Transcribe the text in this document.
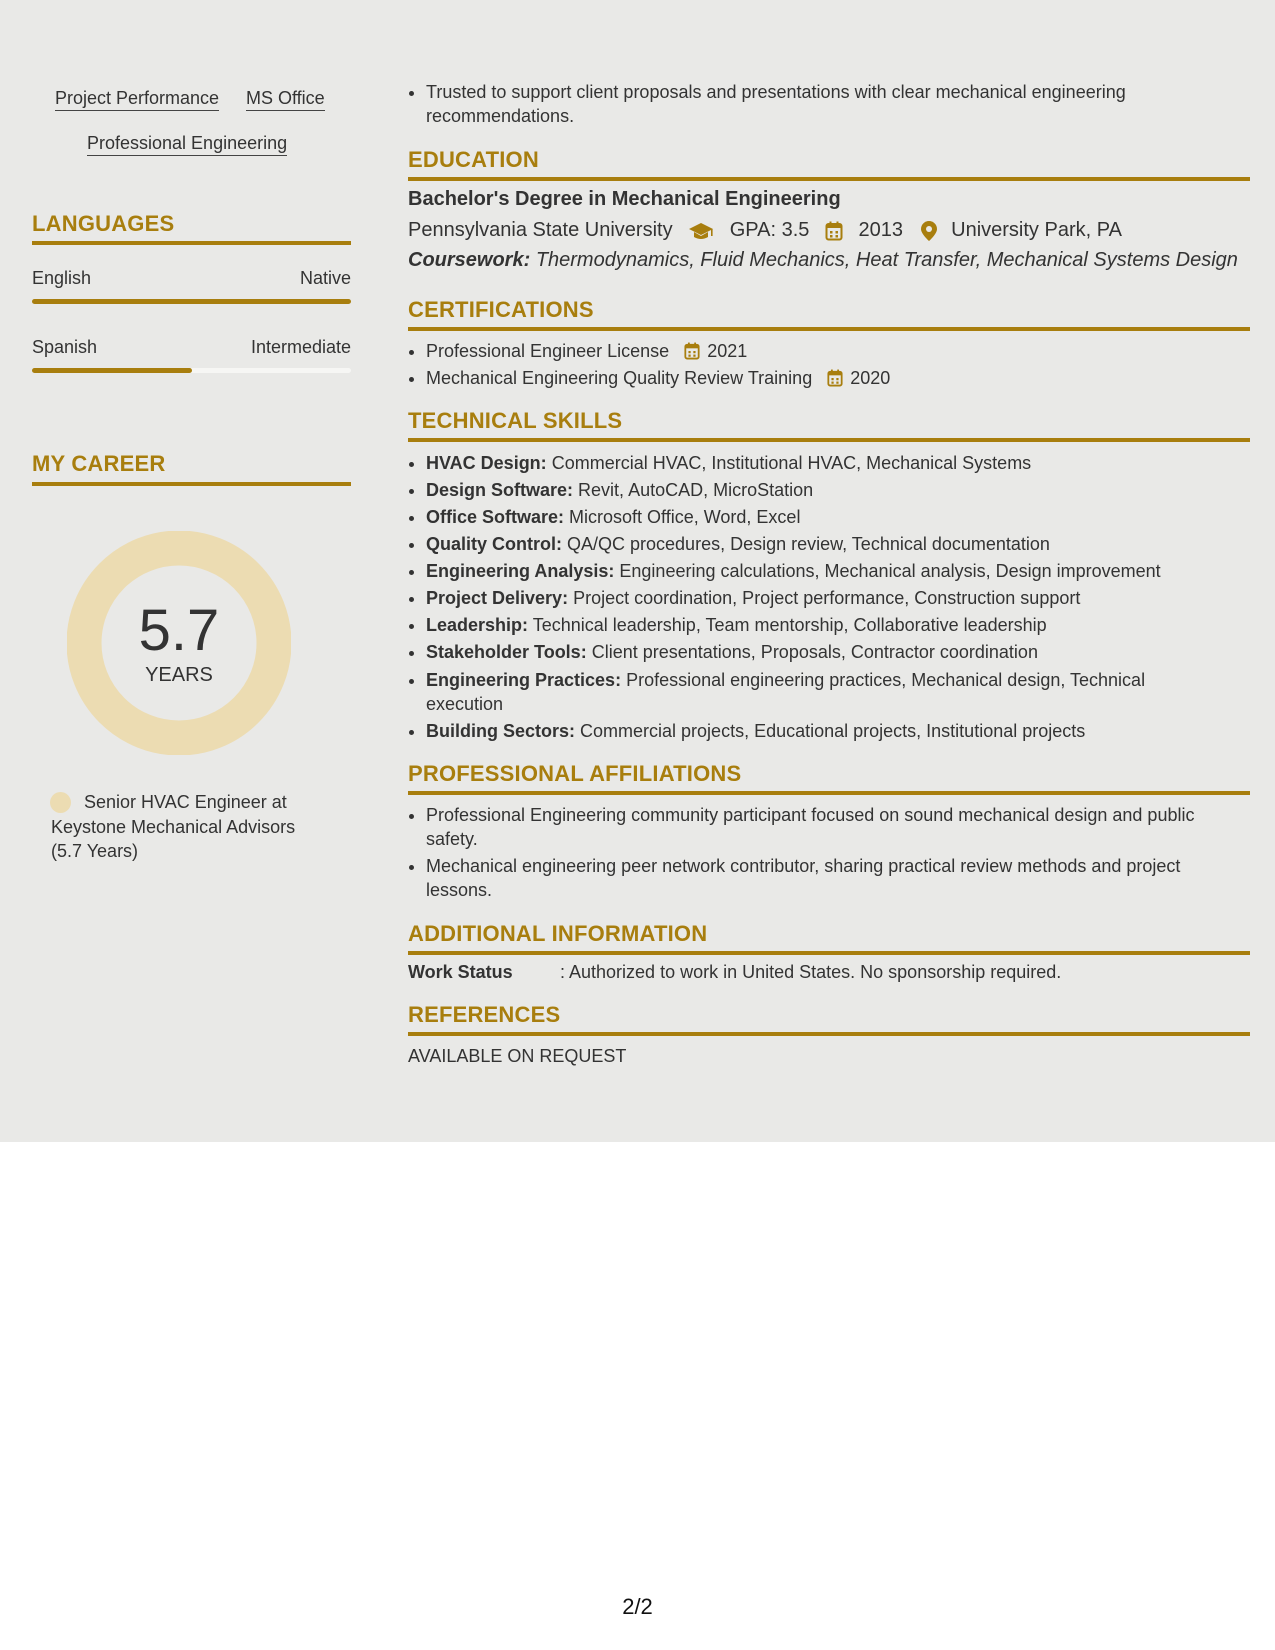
Project Performance MS Office
Professional Engineering
LANGUAGES
English	Native
Spanish	Intermediate
MY CAREER
5.7
YEARS
Senior HVAC Engineer at
Keystone Mechanical Advisors
(5.7 Years)
• Trusted to support client proposals and presentations with clear mechanical engineering
recommendations.
EDUCATION
Bachelor's Degree in Mechanical Engineering
Pennsylvania State University	GPA: 3.5 2013 University Park, PA
Coursework: Thermodynamics, Fluid Mechanics, Heat Transfer, Mechanical Systems Design
CERTIFICATIONS
• Professional Engineer License 2021
• Mechanical Engineering Quality Review Training 2020
TECHNICAL SKILLS
• HVAC Design: Commercial HVAC, Institutional HVAC, Mechanical Systems
• Design Software: Revit, AutoCAD, MicroStation
• Office Software: Microsoft Office, Word, Excel
• Quality Control: QA/QC procedures, Design review, Technical documentation
• Engineering Analysis: Engineering calculations, Mechanical analysis, Design improvement
• Project Delivery: Project coordination, Project performance, Construction support
• Leadership: Technical leadership, Team mentorship, Collaborative leadership
• Stakeholder Tools: Client presentations, Proposals, Contractor coordination
• Engineering Practices: Professional engineering practices, Mechanical design, Technical
execution
• Building Sectors: Commercial projects, Educational projects, Institutional projects
PROFESSIONAL AFFILIATIONS
• Professional Engineering community participant focused on sound mechanical design and public
safety.
• Mechanical engineering peer network contributor, sharing practical review methods and project
lessons.
ADDITIONAL INFORMATION
Work Status	: Authorized to work in United States. No sponsorship required.
REFERENCES
AVAILABLE ON REQUEST
2/2
